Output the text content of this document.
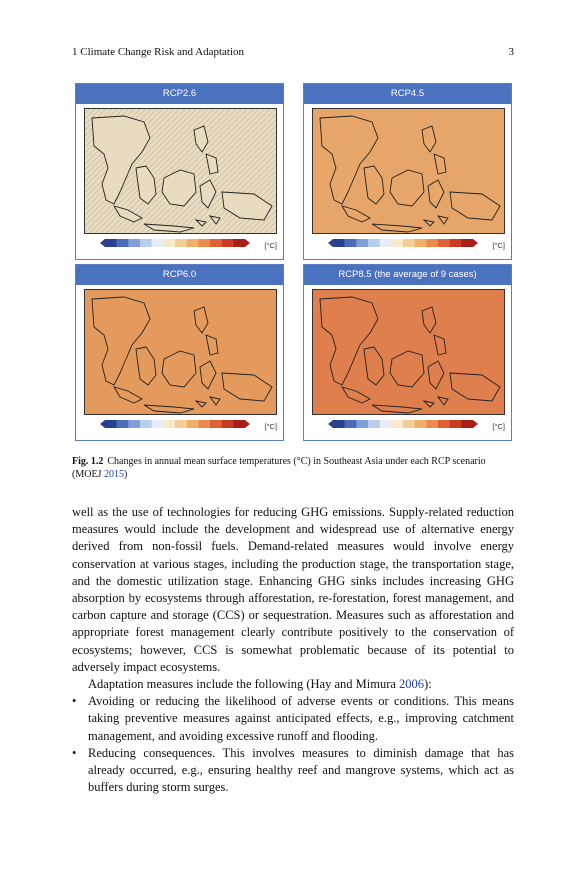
1 Climate Change Risk and Adaptation	3
RCP2.6
[°C]
RCP4.5
[°C]
RCP6.0
[°C]
RCP8.5 (the average of 9 cases)
[°C]
Fig. 1.2 Changes in annual mean surface temperatures (°C) in Southeast Asia under each RCP scenario (MOEJ 2015)

well as the use of technologies for reducing GHG emissions. Supply-related reduction measures would include the development and widespread use of alternative energy derived from non-fossil fuels. Demand-related measures would involve energy conservation at various stages, including the production stage, the transportation stage, and the domestic utilization stage. Enhancing GHG sinks includes increasing GHG absorption by ecosystems through afforestation, re-forestation, forest management, and carbon capture and storage (CCS) or sequestration. Measures such as afforestation and appropriate forest management clearly contribute positively to the conservation of ecosystems; however, CCS is somewhat problematic because of its potential to adversely impact ecosystems.

Adaptation measures include the following (Hay and Mimura 2006):

• Avoiding or reducing the likelihood of adverse events or conditions. This means taking preventive measures against anticipated effects, e.g., improving catchment management, and avoiding excessive runoff and flooding.
• Reducing consequences. This involves measures to diminish damage that has already occurred, e.g., ensuring healthy reef and mangrove systems, which act as buffers during storm surges.
